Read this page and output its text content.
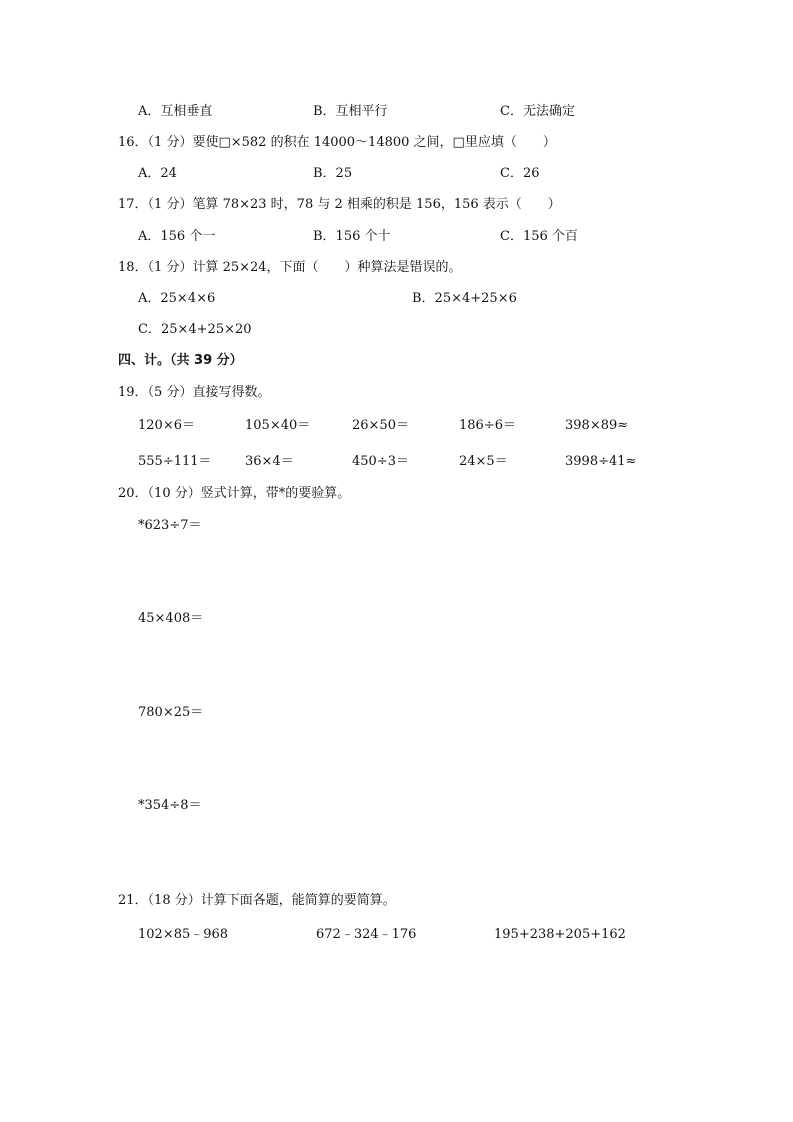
A．互相垂直	B．互相平行	C．无法确定
16．（1 分）要使□×582 的积在 14000～14800 之间，□里应填（　　）
A．24	B．25	C．26
17．（1 分）笔算 78×23 时，78 与 2 相乘的积是 156，156 表示（　　）
A．156 个一	B．156 个十	C．156 个百
18．（1 分）计算 25×24，下面（　　）种算法是错误的。
A．25×4×6	B．25×4+25×6
C．25×4+25×20
四、计。（共 39 分）
19．（5 分）直接写得数。
120×6＝	105×40＝	26×50＝	186÷6＝	398×89≈
555÷111＝	36×4＝	450÷3＝	24×5＝	3998÷41≈
20．（10 分）竖式计算，带*的要验算。
*623÷7＝
45×408＝
780×25＝
*354÷8＝
21．（18 分）计算下面各题，能简算的要简算。
102×85﹣968	672﹣324﹣176	195+238+205+162
